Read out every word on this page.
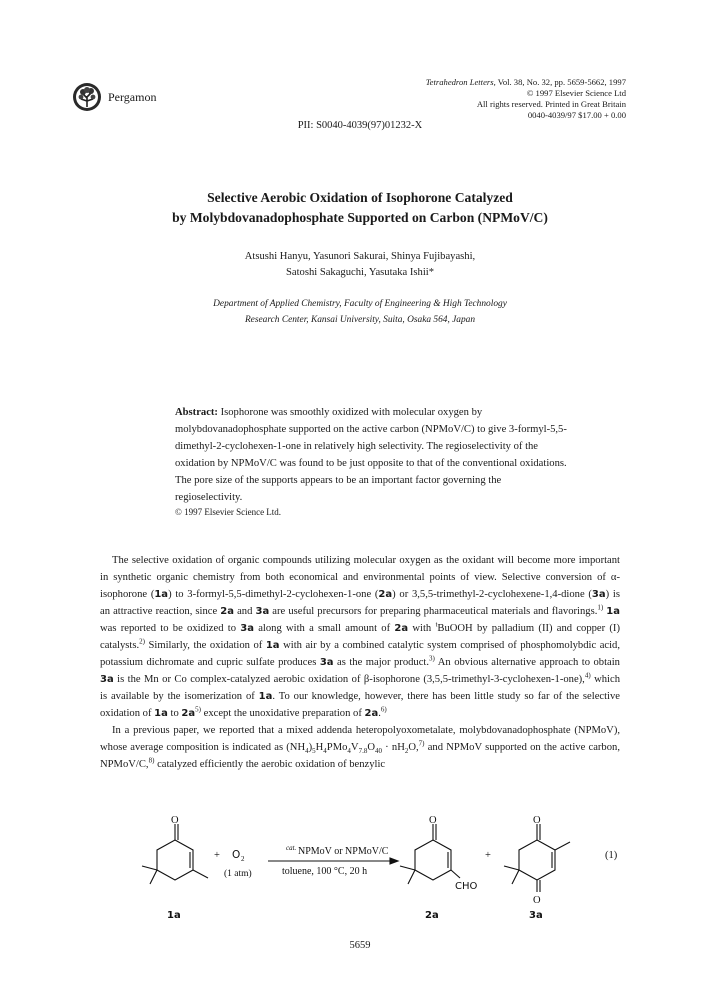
Pergamon
Tetrahedron Letters, Vol. 38, No. 32, pp. 5659-5662, 1997
© 1997 Elsevier Science Ltd
All rights reserved. Printed in Great Britain
0040-4039/97 $17.00 + 0.00
PII: S0040-4039(97)01232-X
Selective Aerobic Oxidation of Isophorone Catalyzed
by Molybdovanadophosphate Supported on Carbon (NPMoV/C)
Atsushi Hanyu, Yasunori Sakurai, Shinya Fujibayashi,
Satoshi Sakaguchi, Yasutaka Ishii*
Department of Applied Chemistry, Faculty of Engineering & High Technology
Research Center, Kansai University, Suita, Osaka 564, Japan
Abstract: Isophorone was smoothly oxidized with molecular oxygen by molybdovanadophosphate supported on the active carbon (NPMoV/C) to give 3-formyl-5,5-dimethyl-2-cyclohexen-1-one in relatively high selectivity. The regioselectivity of the oxidation by NPMoV/C was found to be just opposite to that of the conventional oxidations. The pore size of the supports appears to be an important factor governing the regioselectivity.
© 1997 Elsevier Science Ltd.

The selective oxidation of organic compounds utilizing molecular oxygen as the oxidant will become more important in synthetic organic chemistry from both economical and environmental points of view. Selective conversion of α-isophorone (1a) to 3-formyl-5,5-dimethyl-2-cyclohexen-1-one (2a) or 3,5,5-trimethyl-2-cyclohexene-1,4-dione (3a) is an attractive reaction, since 2a and 3a are useful precursors for preparing pharmaceutical materials and flavorings.$^{1)}$ 1a was reported to be oxidized to 3a along with a small amount of 2a with $^t$BuOOH by palladium (II) and copper (I) catalysts.$^{2)}$ Similarly, the oxidation of 1a with air by a combined catalytic system comprised of phosphomolybdic acid, potassium dichromate and cupric sulfate produces 3a as the major product.$^{3)}$ An obvious alternative approach to obtain 3a is the Mn or Co complex-catalyzed aerobic oxidation of β-isophorone (3,5,5-trimethyl-3-cyclohexen-1-one),$^{4)}$ which is available by the isomerization of 1a. To our knowledge, however, there has been little study so far of the selective oxidation of 1a to $2a^{5)}$ except the unoxidative preparation of 2a.$^{6)}$

In a previous paper, we reported that a mixed addenda heteropolyoxometalate, molybdovanadophosphate (NPMoV), whose average composition is indicated as $(NH_4)_5H_4PMo_4V_{7.8}O_{40} \cdot nH_2O,^{7)}$ and NPMoV supported on the active carbon, NPMoV/C,$^{8)}$ catalyzed efficiently the aerobic oxidation of benzylic

O	O	O
O
CHO
+ O 2
(1 atm)
cat. NPMoV or NPMoV/C
toluene, 100 °C, 20 h
+	(1)
1a	2a	3a
5659
